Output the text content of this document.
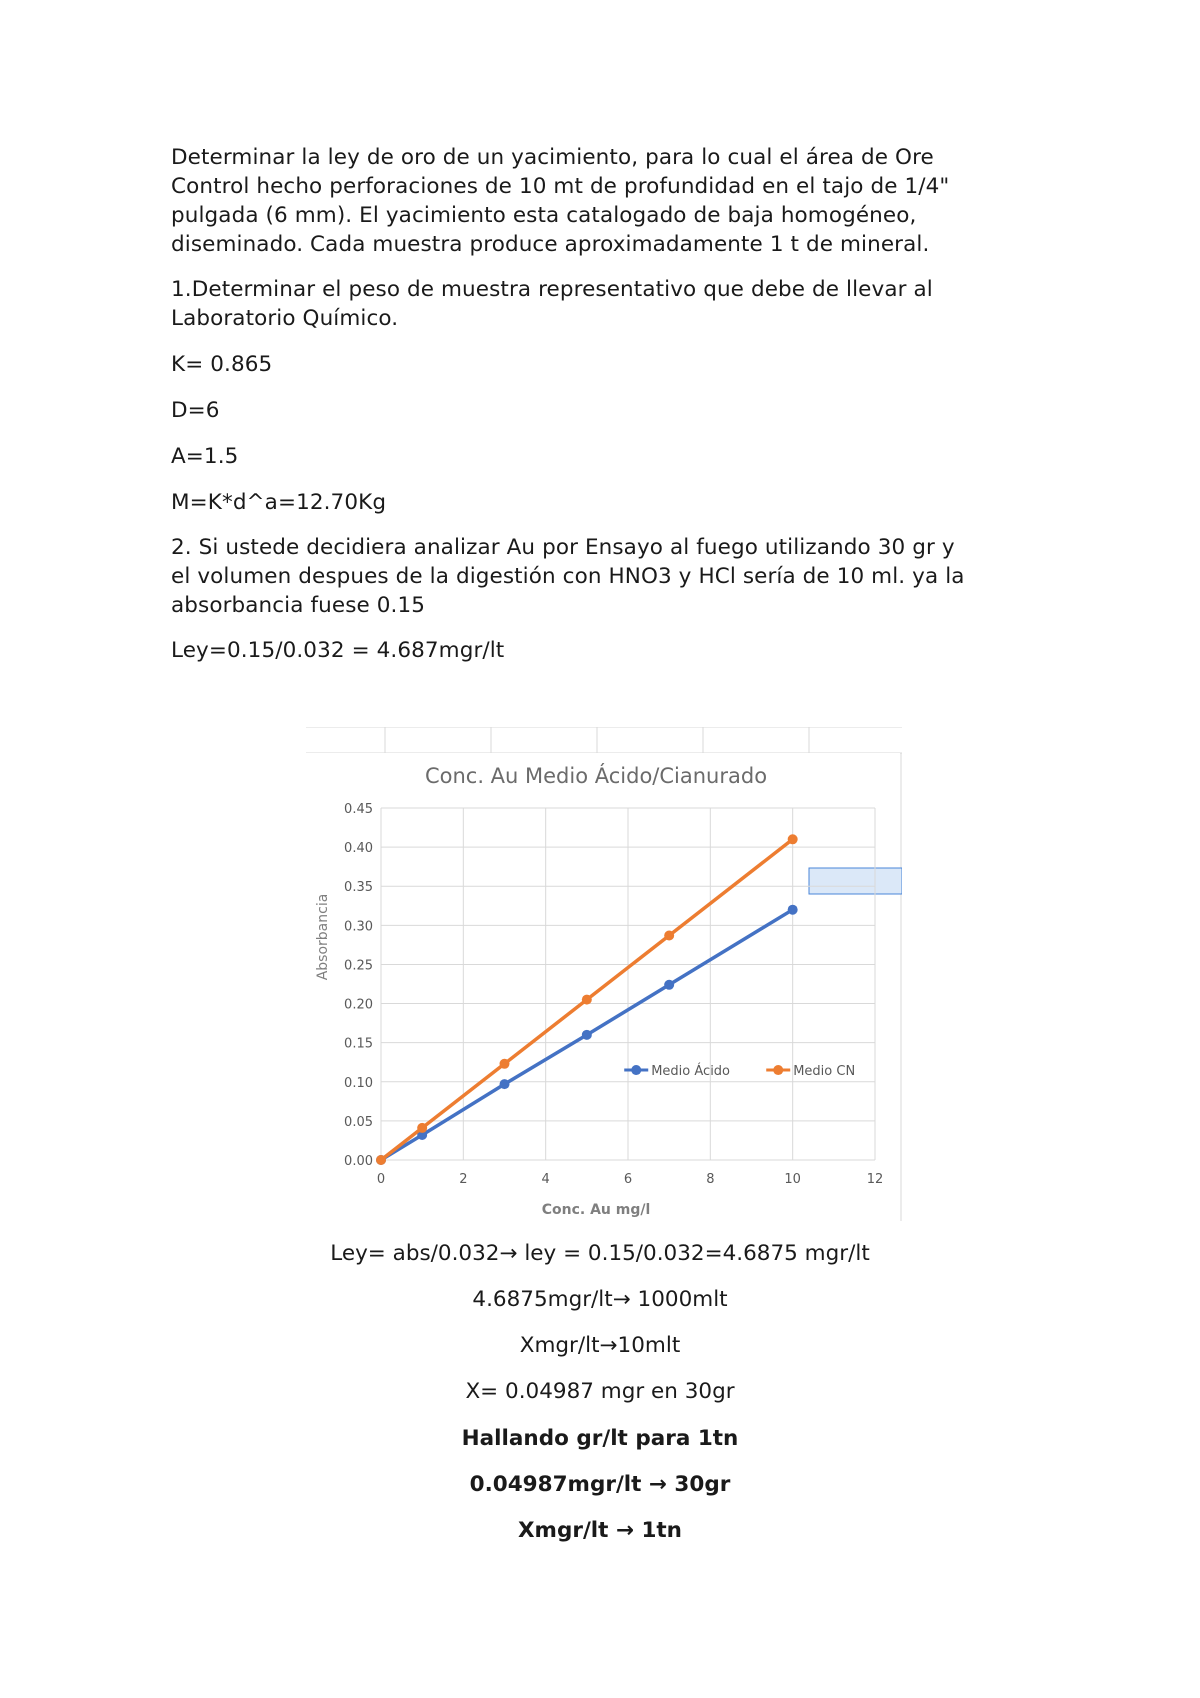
Determinar la ley de oro de un yacimiento, para lo cual el área de Ore
Control hecho perforaciones de 10 mt de profundidad en el tajo de 1/4"
pulgada (6 mm). El yacimiento esta catalogado de baja homogéneo,
diseminado. Cada muestra produce aproximadamente 1 t de mineral.

1.Determinar el peso de muestra representativo que debe de llevar al
Laboratorio Químico.

K= 0.865

D=6

A=1.5

M=K*d^a=12.70Kg

2. Si ustede decidiera analizar Au por Ensayo al fuego utilizando 30 gr y
el volumen despues de la digestión con HNO3 y HCl sería de 10 ml. ya la
absorbancia fuese 0.15

Ley=0.15/0.032 = 4.687mgr/lt

Conc. Au Medio Ácido/Cianurado
0.00
0.05
0.10
0.15
0.20
0.25
0.30
0.35
0.40
0.45
0	2	4	6	8	10	12
Medio Ácido	Medio CN
Absorbancia
Conc. Au mg/l
Ley= abs/0.032→ ley = 0.15/0.032=4.6875 mgr/lt
4.6875mgr/lt→ 1000mlt
Xmgr/lt→10mlt
X= 0.04987 mgr en 30gr
Hallando gr/lt para 1tn
0.04987mgr/lt → 30gr
Xmgr/lt → 1tn
